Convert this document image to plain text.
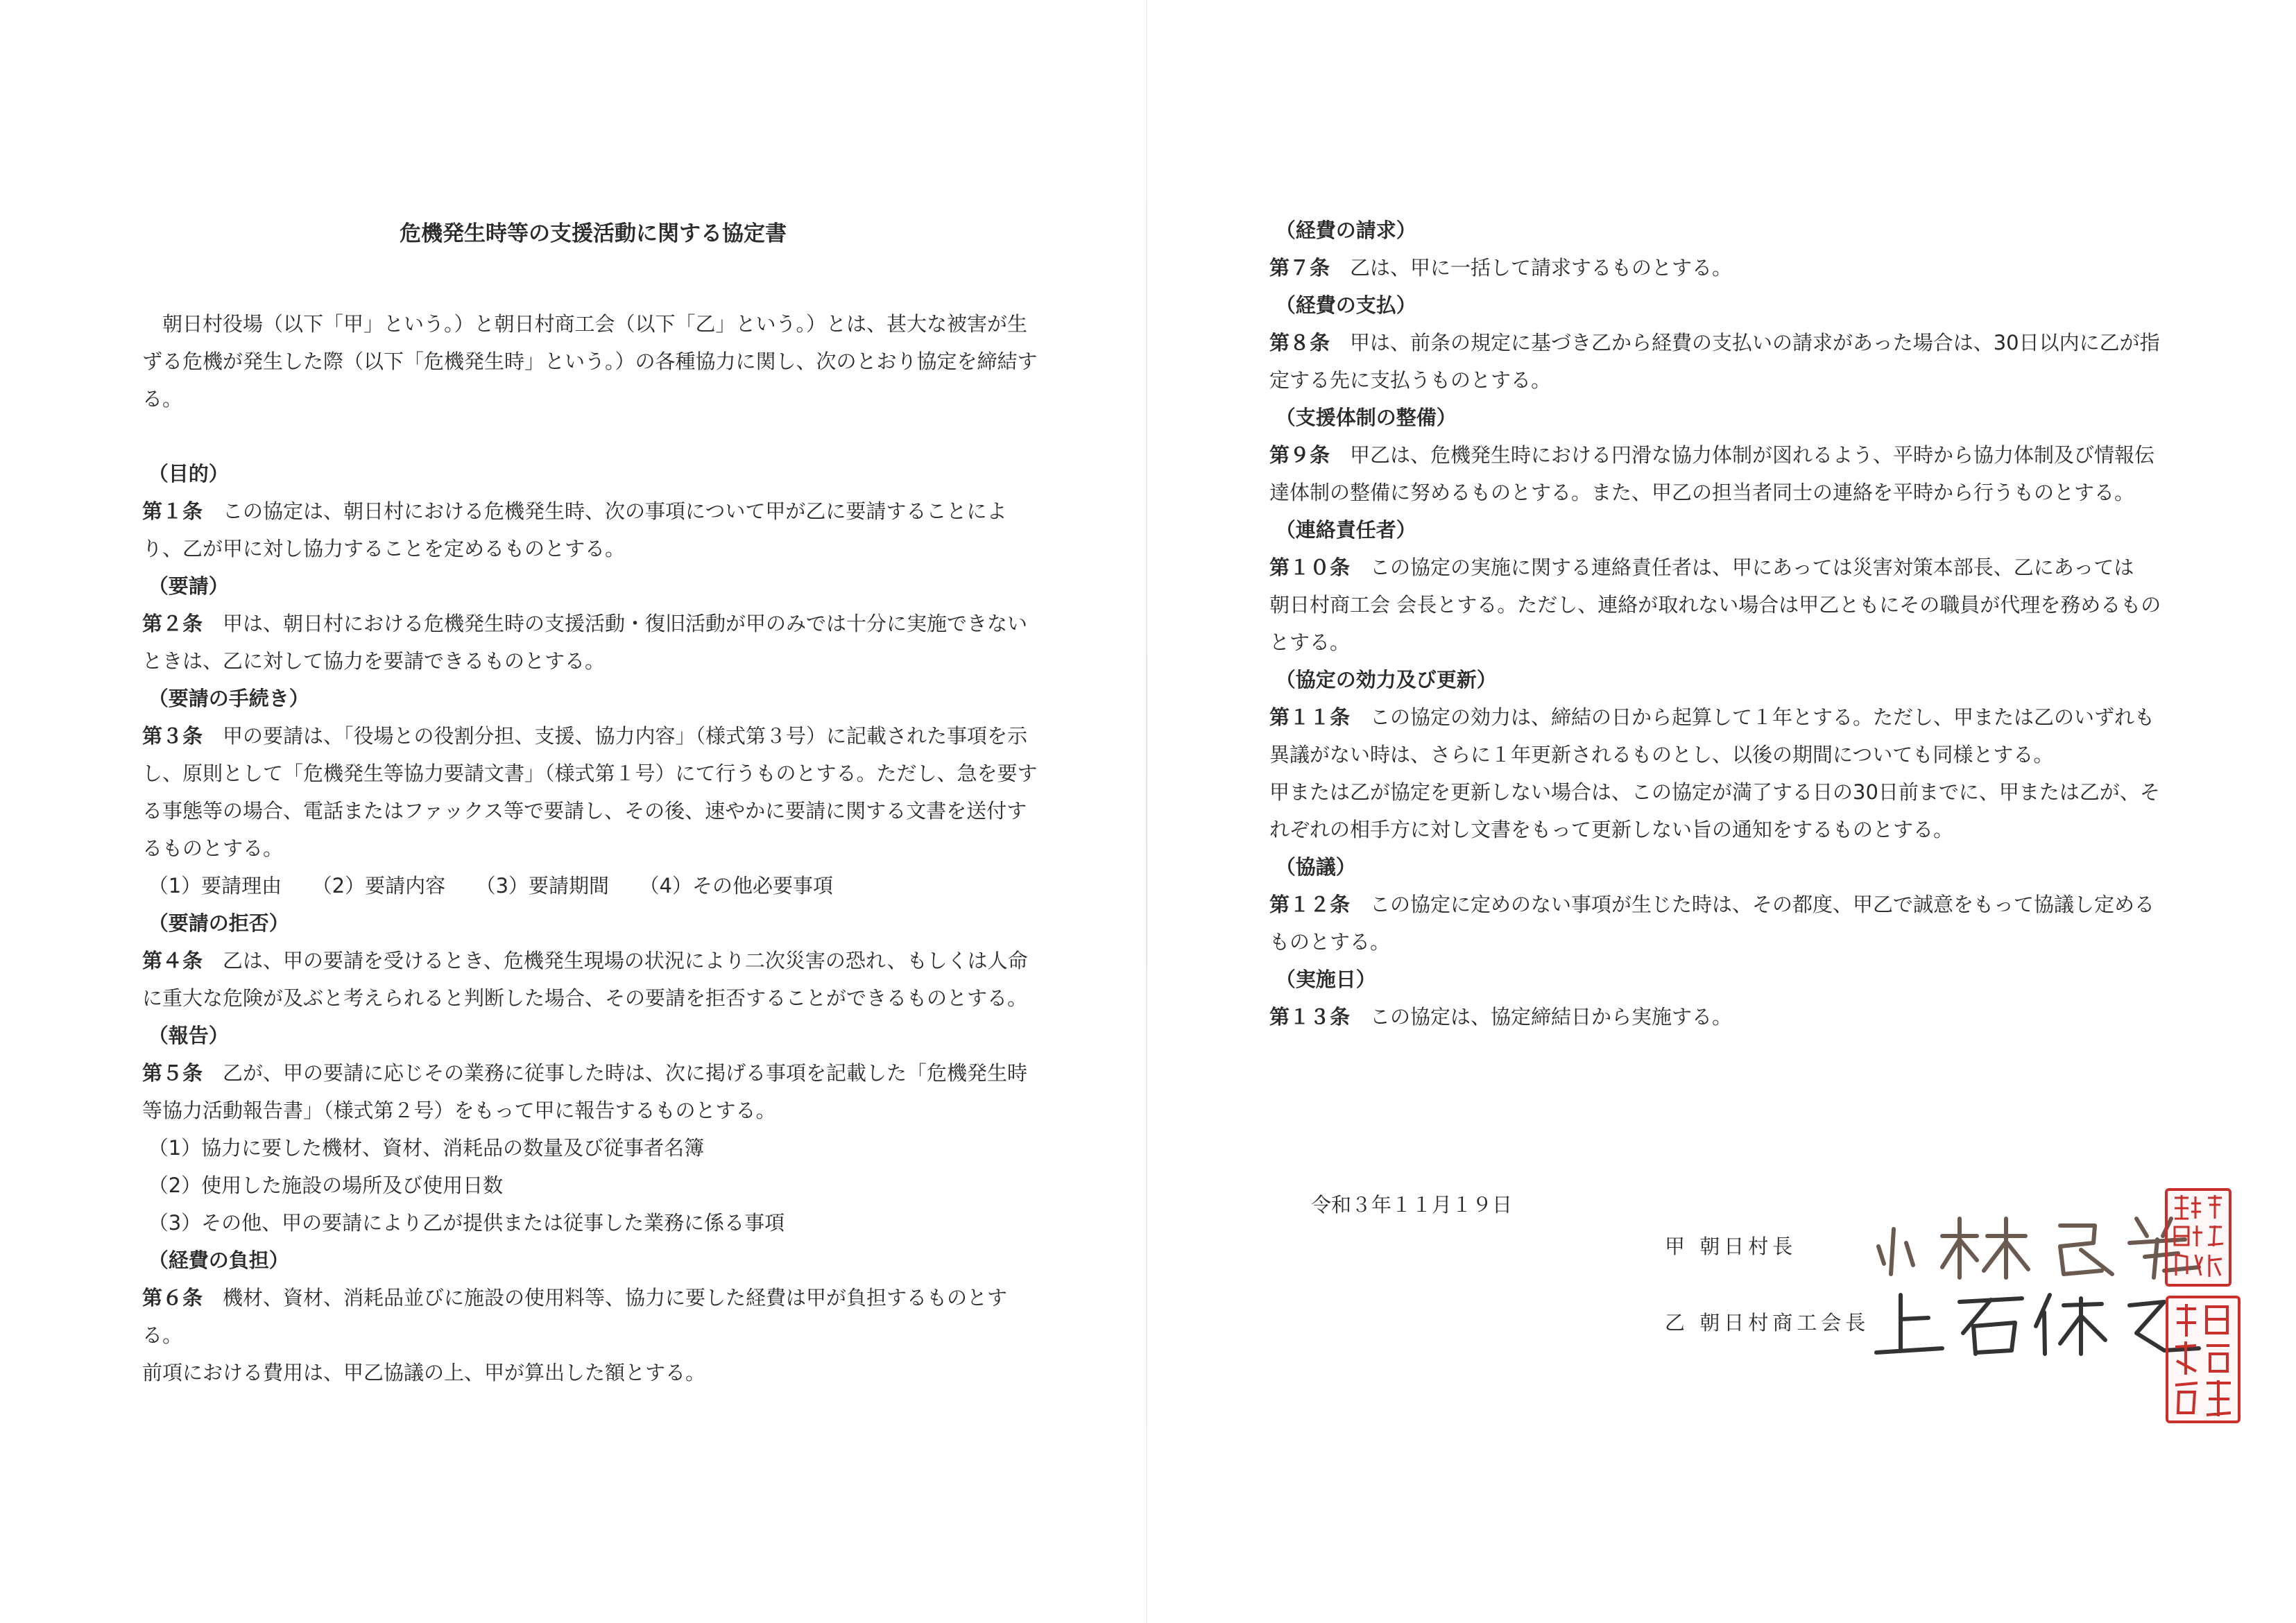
危機発生時等の支援活動に関する協定書

朝日村役場（以下「甲」という。）と朝日村商工会（以下「乙」という。）とは、甚大な被害が生ずる危機が発生した際（以下「危機発生時」という。）の各種協力に関し、次のとおり協定を締結する。

（目的）

第１条 この協定は、朝日村における危機発生時、次の事項について甲が乙に要請することにより、乙が甲に対し協力することを定めるものとする。

（要請）

第２条 甲は、朝日村における危機発生時の支援活動・復旧活動が甲のみでは十分に実施できないときは、乙に対して協力を要請できるものとする。

（要請の手続き）

第３条 甲の要請は、「役場との役割分担、支援、協力内容」（様式第３号）に記載された事項を示し、原則として「危機発生等協力要請文書」（様式第１号）にて行うものとする。ただし、急を要する事態等の場合、電話またはファックス等で要請し、その後、速やかに要請に関する文書を送付するものとする。

（1）要請理由 （2）要請内容 （3）要請期間 （4）その他必要事項

（要請の拒否）

第４条 乙は、甲の要請を受けるとき、危機発生現場の状況により二次災害の恐れ、もしくは人命に重大な危険が及ぶと考えられると判断した場合、その要請を拒否することができるものとする。

（報告）

第５条 乙が、甲の要請に応じその業務に従事した時は、次に掲げる事項を記載した「危機発生時等協力活動報告書」（様式第２号）をもって甲に報告するものとする。

（1）協力に要した機材、資材、消耗品の数量及び従事者名簿

（2）使用した施設の場所及び使用日数

（3）その他、甲の要請により乙が提供または従事した業務に係る事項

（経費の負担）

第６条 機材、資材、消耗品並びに施設の使用料等、協力に要した経費は甲が負担するものとする。

前項における費用は、甲乙協議の上、甲が算出した額とする。

（経費の請求）

第７条 乙は、甲に一括して請求するものとする。

（経費の支払）

第８条 甲は、前条の規定に基づき乙から経費の支払いの請求があった場合は、30日以内に乙が指定する先に支払うものとする。

（支援体制の整備）

第９条 甲乙は、危機発生時における円滑な協力体制が図れるよう、平時から協力体制及び情報伝達体制の整備に努めるものとする。また、甲乙の担当者同士の連絡を平時から行うものとする。

（連絡責任者）

第１０条 この協定の実施に関する連絡責任者は、甲にあっては災害対策本部長、乙にあっては

朝日村商工会 会長とする。ただし、連絡が取れない場合は甲乙ともにその職員が代理を務めるものとする。

（協定の効力及び更新）

第１１条 この協定の効力は、締結の日から起算して１年とする。ただし、甲または乙のいずれも異議がない時は、さらに１年更新されるものとし、以後の期間についても同様とする。

甲または乙が協定を更新しない場合は、この協定が満了する日の30日前までに、甲または乙が、それぞれの相手方に対し文書をもって更新しない旨の通知をするものとする。

（協議）

第１２条 この協定に定めのない事項が生じた時は、その都度、甲乙で誠意をもって協議し定めるものとする。

（実施日）

第１３条 この協定は、協定締結日から実施する。

令和３年１１月１９日
甲 朝日村長
乙 朝日村商工会長
